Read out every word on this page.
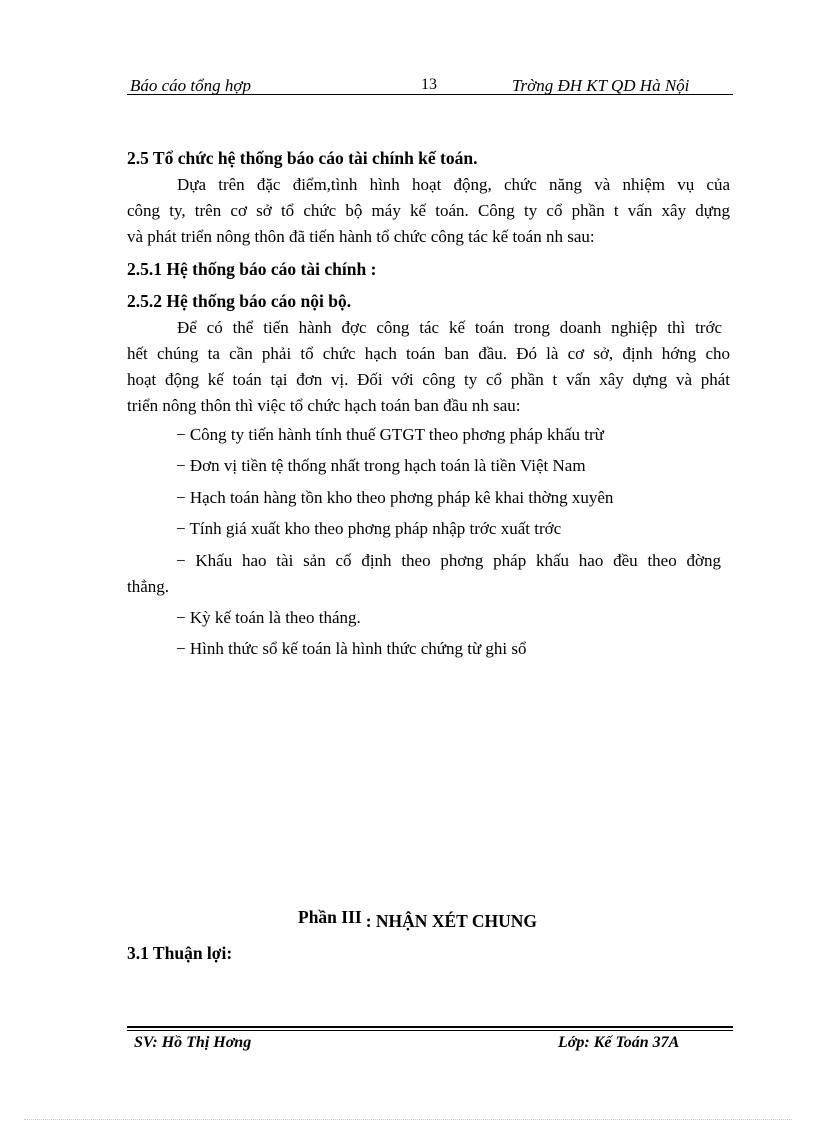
Báo cáo tổng hợp	13	Trờng ĐH KT QD Hà Nội
2.5 Tổ chức hệ thống báo cáo tài chính kế toán.
Dựa trên đặc điểm,tình hình hoạt động, chức năng và nhiệm vụ của
công ty, trên cơ sở tổ chức bộ máy kế toán. Công ty cổ phần t vấn xây dựng
và phát triển nông thôn đã tiến hành tổ chức công tác kế toán nh sau:
2.5.1 Hệ thống báo cáo tài chính :
2.5.2 Hệ thống báo cáo nội bộ.
Để có thể tiến hành đợc công tác kế toán trong doanh nghiệp thì trớc
hết chúng ta cần phải tổ chức hạch toán ban đầu. Đó là cơ sở, định hớng cho
hoạt động kế toán tại đơn vị. Đối với công ty cổ phần t vấn xây dựng và phát
triển nông thôn thì việc tổ chức hạch toán ban đầu nh sau:
− Công ty tiến hành tính thuế GTGT theo phơng pháp khấu trừ
− Đơn vị tiền tệ thống nhất trong hạch toán là tiền Việt Nam
− Hạch toán hàng tồn kho theo phơng pháp kê khai thờng xuyên
− Tính giá xuất kho theo phơng pháp nhập trớc xuất trớc
− Khấu hao tài sản cố định theo phơng pháp khấu hao đều theo đờng
thẳng.
− Kỳ kế toán là theo tháng.
− Hình thức sổ kế toán là hình thức chứng từ ghi sổ
Phần III : NHẬN XÉT CHUNG
3.1 Thuận lợi:
SV: Hồ Thị Hơng	Lớp: Kế Toán 37A
